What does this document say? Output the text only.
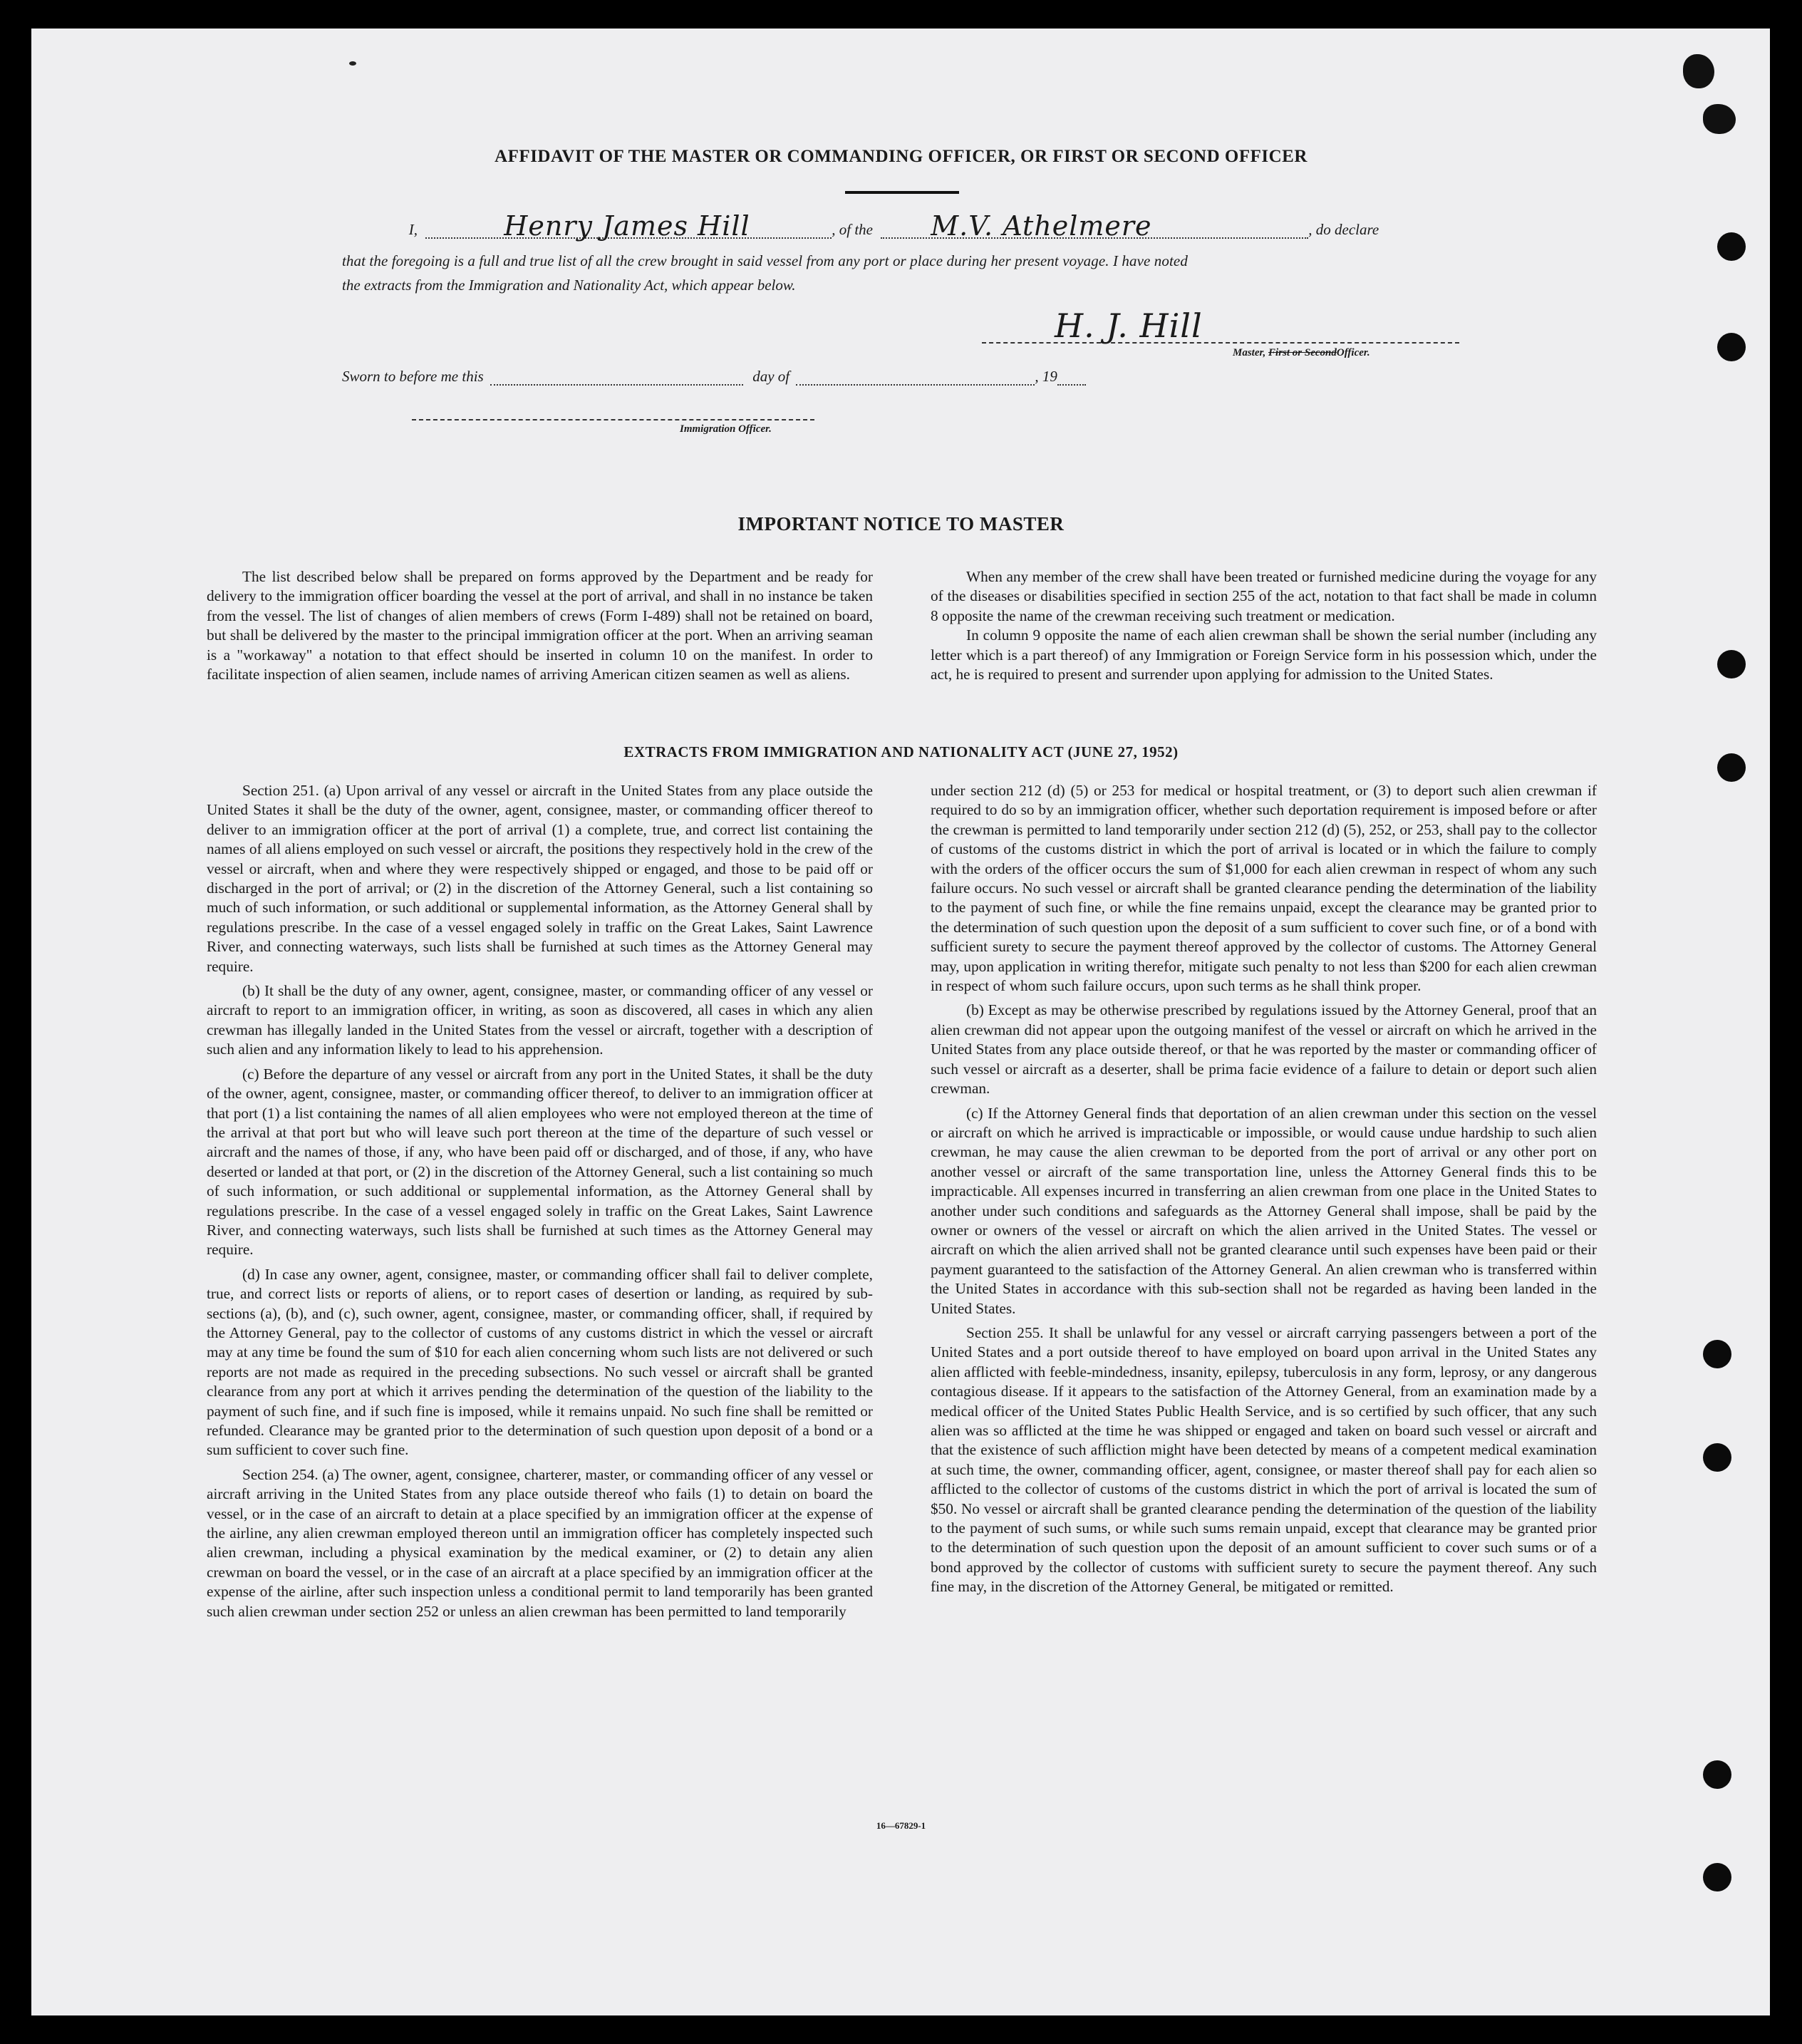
AFFIDAVIT OF THE MASTER OR COMMANDING OFFICER, OR FIRST OR SECOND OFFICER
I,	Henry James Hill	, of the M.V. Athelmere	, do declare
that the foregoing is a full and true list of all the crew brought in said vessel from any port or place during her present voyage. I have noted
the extracts from the Immigration and Nationality Act, which appear below.
H. J. Hill
Master, First or SecondOfficer.
Sworn to before me this	day of	, 19
Immigration Officer.
IMPORTANT NOTICE TO MASTER

The list described below shall be prepared on forms approved by the Department and be ready for delivery to the immigration officer boarding the vessel at the port of arrival, and shall in no instance be taken from the vessel. The list of changes of alien members of crews (Form I-489) shall not be retained on board, but shall be delivered by the master to the principal immigration officer at the port. When an arriving seaman is a "workaway" a notation to that effect should be inserted in column 10 on the manifest. In order to facilitate inspection of alien seamen, include names of arriving American citizen seamen as well as aliens.

When any member of the crew shall have been treated or furnished medicine during the voyage for any of the diseases or disabilities specified in section 255 of the act, notation to that fact shall be made in column 8 opposite the name of the crewman receiving such treatment or medication.

In column 9 opposite the name of each alien crewman shall be shown the serial number (including any letter which is a part thereof) of any Immigration or Foreign Service form in his possession which, under the act, he is required to present and surrender upon applying for admission to the United States.

EXTRACTS FROM IMMIGRATION AND NATIONALITY ACT (JUNE 27, 1952)

Section 251. (a) Upon arrival of any vessel or aircraft in the United States from any place outside the United States it shall be the duty of the owner, agent, consignee, master, or commanding officer thereof to deliver to an immigration officer at the port of arrival (1) a complete, true, and correct list containing the names of all aliens employed on such vessel or aircraft, the positions they respectively hold in the crew of the vessel or aircraft, when and where they were respectively shipped or engaged, and those to be paid off or discharged in the port of arrival; or (2) in the discretion of the Attorney General, such a list containing so much of such information, or such additional or supplemental information, as the Attorney General shall by regulations prescribe. In the case of a vessel engaged solely in traffic on the Great Lakes, Saint Lawrence River, and connecting waterways, such lists shall be furnished at such times as the Attorney General may require.

(b) It shall be the duty of any owner, agent, consignee, master, or commanding officer of any vessel or aircraft to report to an immigration officer, in writing, as soon as discovered, all cases in which any alien crewman has illegally landed in the United States from the vessel or aircraft, together with a description of such alien and any information likely to lead to his apprehension.

(c) Before the departure of any vessel or aircraft from any port in the United States, it shall be the duty of the owner, agent, consignee, master, or commanding officer thereof, to deliver to an immigration officer at that port (1) a list containing the names of all alien employees who were not employed thereon at the time of the arrival at that port but who will leave such port thereon at the time of the departure of such vessel or aircraft and the names of those, if any, who have been paid off or discharged, and of those, if any, who have deserted or landed at that port, or (2) in the discretion of the Attorney General, such a list containing so much of such information, or such additional or supplemental information, as the Attorney General shall by regulations prescribe. In the case of a vessel engaged solely in traffic on the Great Lakes, Saint Lawrence River, and connecting waterways, such lists shall be furnished at such times as the Attorney General may require.

(d) In case any owner, agent, consignee, master, or commanding officer shall fail to deliver complete, true, and correct lists or reports of aliens, or to report cases of desertion or landing, as required by sub-sections (a), (b), and (c), such owner, agent, consignee, master, or commanding officer, shall, if required by the Attorney General, pay to the collector of customs of any customs district in which the vessel or aircraft may at any time be found the sum of $10 for each alien concerning whom such lists are not delivered or such reports are not made as required in the preceding subsections. No such vessel or aircraft shall be granted clearance from any port at which it arrives pending the determination of the question of the liability to the payment of such fine, and if such fine is imposed, while it remains unpaid. No such fine shall be remitted or refunded. Clearance may be granted prior to the determination of such question upon deposit of a bond or a sum sufficient to cover such fine.

Section 254. (a) The owner, agent, consignee, charterer, master, or commanding officer of any vessel or aircraft arriving in the United States from any place outside thereof who fails (1) to detain on board the vessel, or in the case of an aircraft to detain at a place specified by an immigration officer at the expense of the airline, any alien crewman employed thereon until an immigration officer has completely inspected such alien crewman, including a physical examination by the medical examiner, or (2) to detain any alien crewman on board the vessel, or in the case of an aircraft at a place specified by an immigration officer at the expense of the airline, after such inspection unless a conditional permit to land temporarily has been granted such alien crewman under section 252 or unless an alien crewman has been permitted to land temporarily

under section 212 (d) (5) or 253 for medical or hospital treatment, or (3) to deport such alien crewman if required to do so by an immigration officer, whether such deportation requirement is imposed before or after the crewman is permitted to land temporarily under section 212 (d) (5), 252, or 253, shall pay to the collector of customs of the customs district in which the port of arrival is located or in which the failure to comply with the orders of the officer occurs the sum of $1,000 for each alien crewman in respect of whom any such failure occurs. No such vessel or aircraft shall be granted clearance pending the determination of the liability to the payment of such fine, or while the fine remains unpaid, except the clearance may be granted prior to the determination of such question upon the deposit of a sum sufficient to cover such fine, or of a bond with sufficient surety to secure the payment thereof approved by the collector of customs. The Attorney General may, upon application in writing therefor, mitigate such penalty to not less than $200 for each alien crewman in respect of whom such failure occurs, upon such terms as he shall think proper.

(b) Except as may be otherwise prescribed by regulations issued by the Attorney General, proof that an alien crewman did not appear upon the outgoing manifest of the vessel or aircraft on which he arrived in the United States from any place outside thereof, or that he was reported by the master or commanding officer of such vessel or aircraft as a deserter, shall be prima facie evidence of a failure to detain or deport such alien crewman.

(c) If the Attorney General finds that deportation of an alien crewman under this section on the vessel or aircraft on which he arrived is impracticable or impossible, or would cause undue hardship to such alien crewman, he may cause the alien crewman to be deported from the port of arrival or any other port on another vessel or aircraft of the same transportation line, unless the Attorney General finds this to be impracticable. All expenses incurred in transferring an alien crewman from one place in the United States to another under such conditions and safeguards as the Attorney General shall impose, shall be paid by the owner or owners of the vessel or aircraft on which the alien arrived in the United States. The vessel or aircraft on which the alien arrived shall not be granted clearance until such expenses have been paid or their payment guaranteed to the satisfaction of the Attorney General. An alien crewman who is transferred within the United States in accordance with this sub-section shall not be regarded as having been landed in the United States.

Section 255. It shall be unlawful for any vessel or aircraft carrying passengers between a port of the United States and a port outside thereof to have employed on board upon arrival in the United States any alien afflicted with feeble-mindedness, insanity, epilepsy, tuberculosis in any form, leprosy, or any dangerous contagious disease. If it appears to the satisfaction of the Attorney General, from an examination made by a medical officer of the United States Public Health Service, and is so certified by such officer, that any such alien was so afflicted at the time he was shipped or engaged and taken on board such vessel or aircraft and that the existence of such affliction might have been detected by means of a competent medical examination at such time, the owner, commanding officer, agent, consignee, or master thereof shall pay for each alien so afflicted to the collector of customs of the customs district in which the port of arrival is located the sum of $50. No vessel or aircraft shall be granted clearance pending the determination of the question of the liability to the payment of such sums, or while such sums remain unpaid, except that clearance may be granted prior to the determination of such question upon the deposit of an amount sufficient to cover such sums or of a bond approved by the collector of customs with sufficient surety to secure the payment thereof. Any such fine may, in the discretion of the Attorney General, be mitigated or remitted.

16—67829-1
